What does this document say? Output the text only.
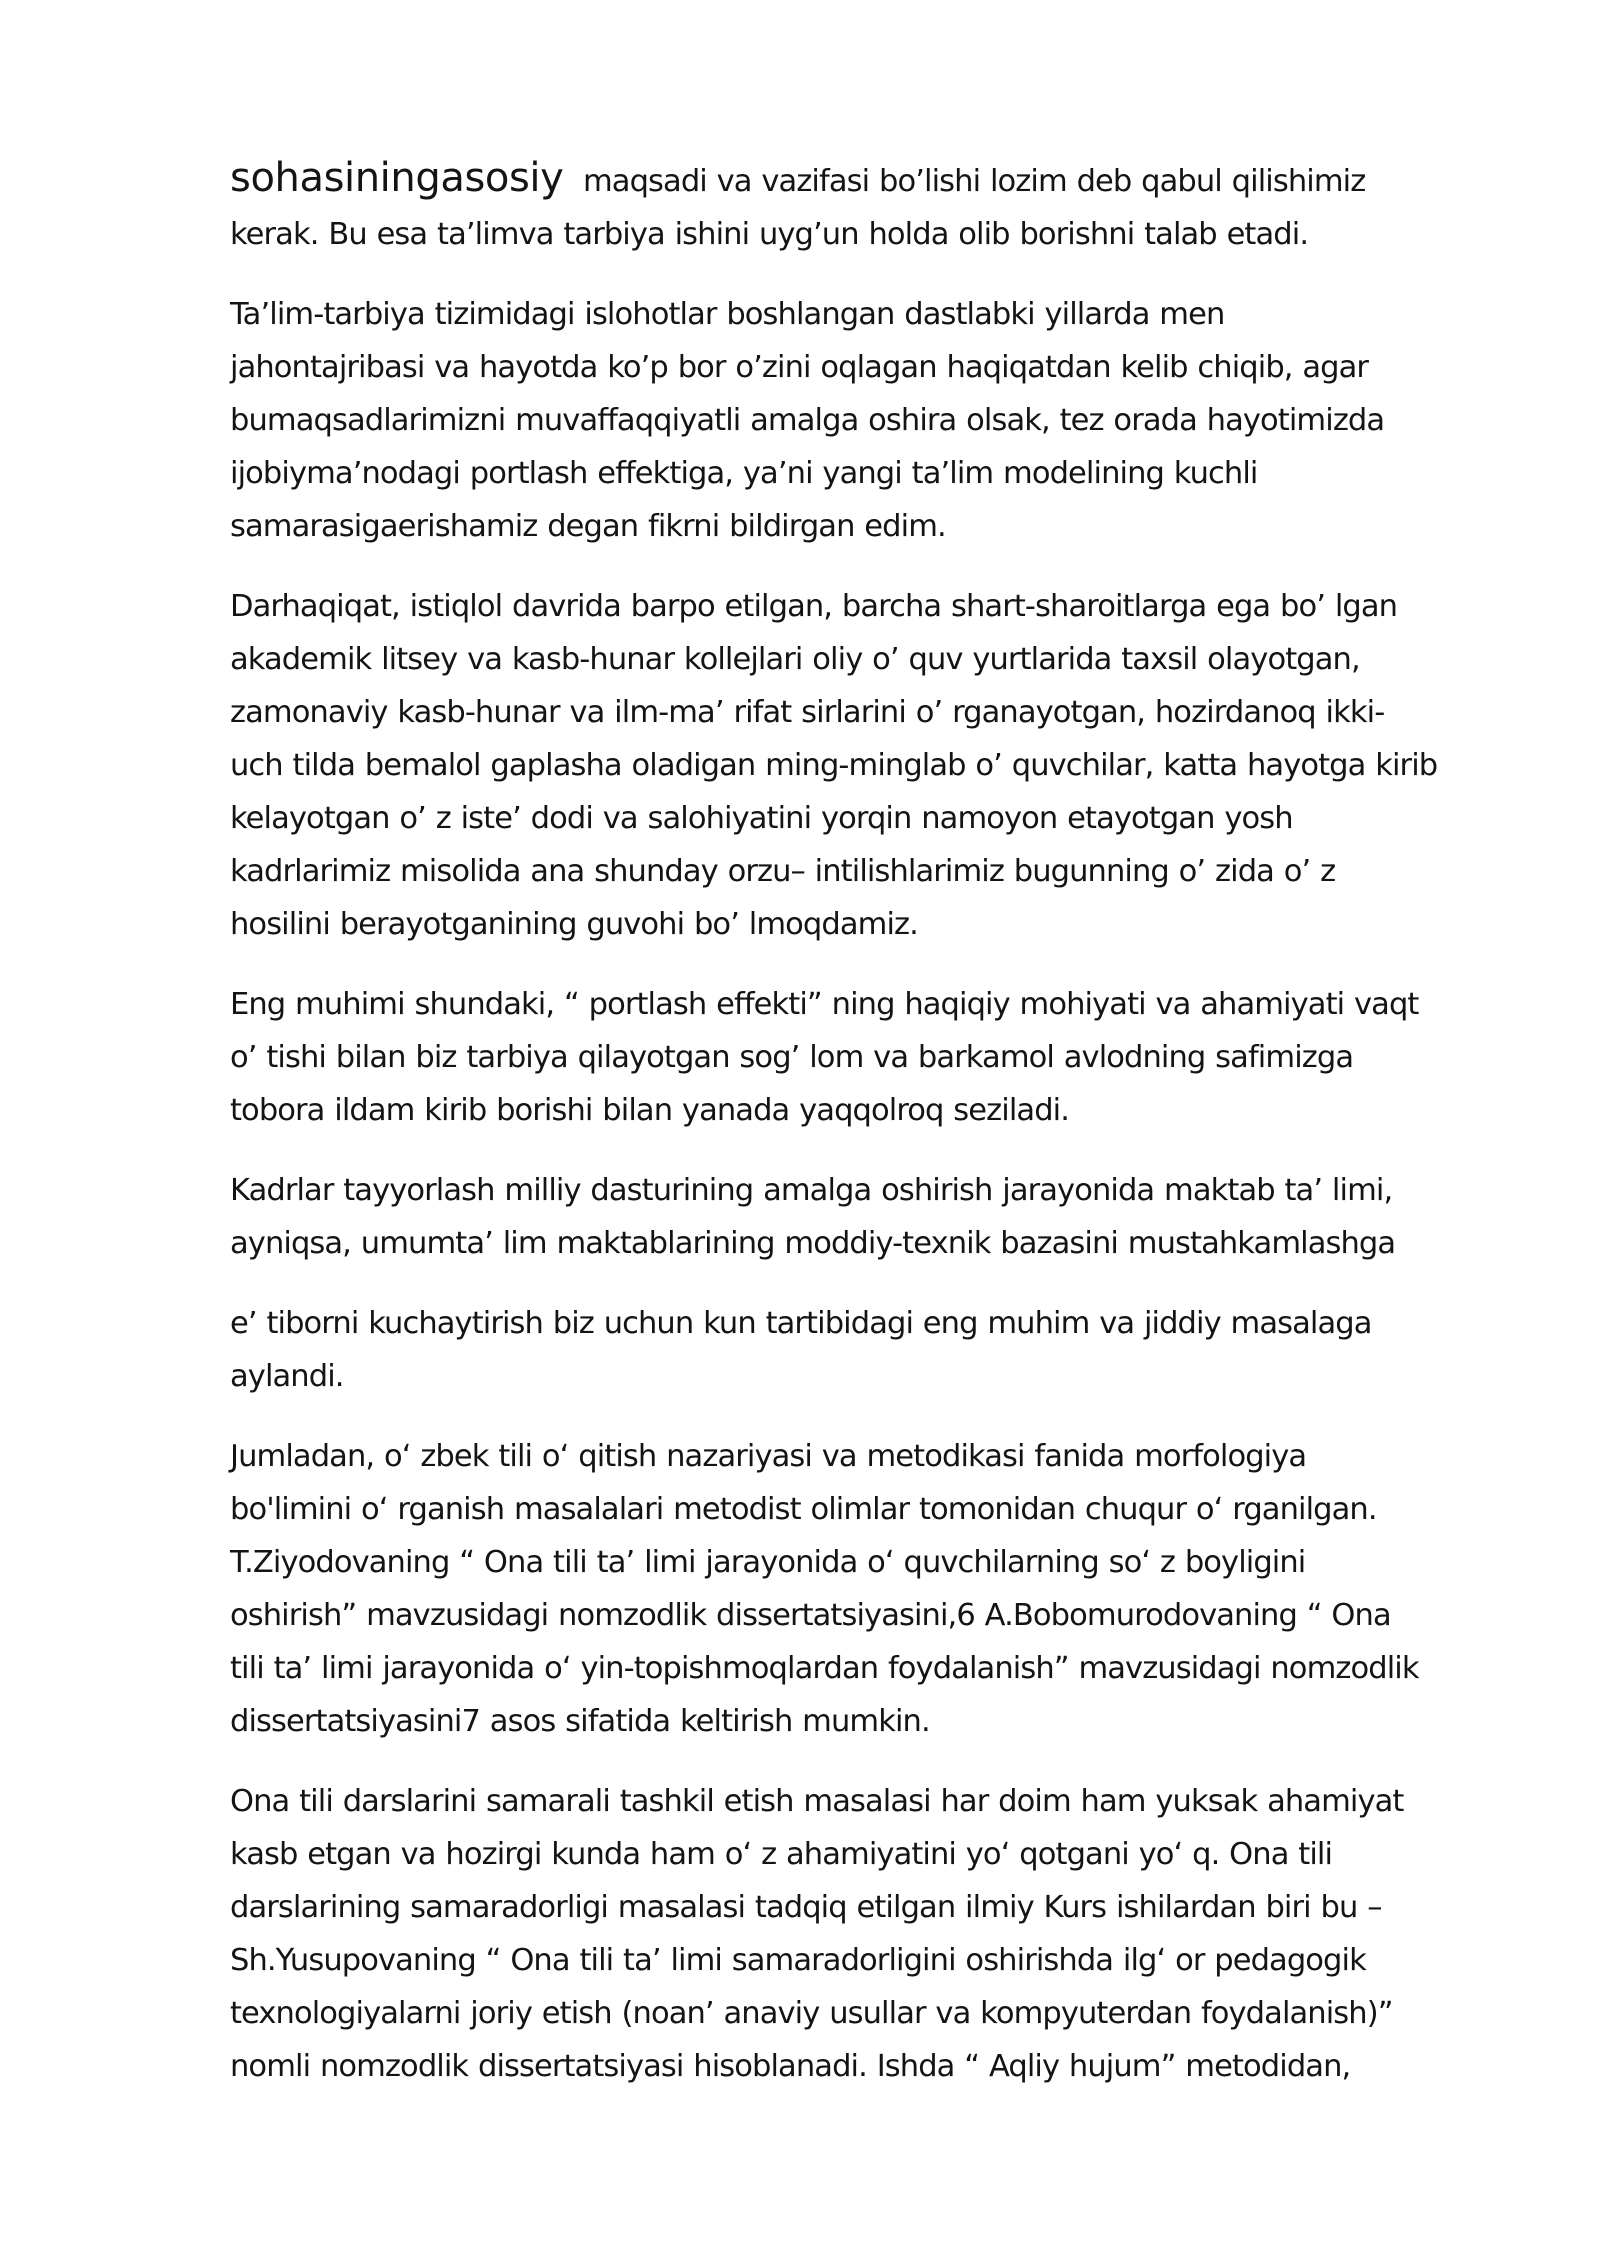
sohasiningasosiy  maqsadi va vazifasi bo’lishi lozim deb qabul qilishimiz
kerak. Bu esa ta’limva tarbiya ishini uyg’un holda olib borishni talab etadi.
Ta’lim-tarbiya tizimidagi islohotlar boshlangan dastlabki yillarda men
jahontajribasi va hayotda ko’p bor o’zini oqlagan haqiqatdan kelib chiqib, agar
bumaqsadlarimizni muvaffaqqiyatli amalga oshira olsak, tez orada hayotimizda
ijobiyma’nodagi portlash effektiga, ya’ni yangi ta’lim modelining kuchli
samarasigaerishamiz degan fikrni bildirgan edim.
Darhaqiqat, istiqlol davrida barpo etilgan, barcha shart-sharoitlarga ega bo’ lgan
akademik litsey va kasb-hunar kollejlari oliy o’ quv yurtlarida taxsil olayotgan,
zamonaviy kasb-hunar va ilm-ma’ rifat sirlarini o’ rganayotgan, hozirdanoq ikki-
uch tilda bemalol gaplasha oladigan ming-minglab o’ quvchilar, katta hayotga kirib
kelayotgan o’ z iste’ dodi va salohiyatini yorqin namoyon etayotgan yosh
kadrlarimiz misolida ana shunday orzu– intilishlarimiz bugunning o’ zida o’ z
hosilini berayotganining guvohi bo’ lmoqdamiz.
Eng muhimi shundaki, “ portlash effekti” ning haqiqiy mohiyati va ahamiyati vaqt
o’ tishi bilan biz tarbiya qilayotgan sog’ lom va barkamol avlodning safimizga
tobora ildam kirib borishi bilan yanada yaqqolroq seziladi.
Kadrlar tayyorlash milliy dasturining amalga oshirish jarayonida maktab ta’ limi,
ayniqsa, umumta’ lim maktablarining moddiy-texnik bazasini mustahkamlashga
e’ tiborni kuchaytirish biz uchun kun tartibidagi eng muhim va jiddiy masalaga
aylandi.
Jumladan, o‘ zbek tili o‘ qitish nazariyasi va metodikasi fanida morfologiya
bo'limini o‘ rganish masalalari metodist olimlar tomonidan chuqur o‘ rganilgan.
T.Ziyodovaning “ Ona tili ta’ limi jarayonida o‘ quvchilarning so‘ z boyligini
oshirish” mavzusidagi nomzodlik dissertatsiyasini,6 A.Bobomurodovaning “ Ona
tili ta’ limi jarayonida o‘ yin-topishmoqlardan foydalanish” mavzusidagi nomzodlik
dissertatsiyasini7 asos sifatida keltirish mumkin.
Ona tili darslarini samarali tashkil etish masalasi har doim ham yuksak ahamiyat
kasb etgan va hozirgi kunda ham o‘ z ahamiyatini yo‘ qotgani yo‘ q. Ona tili
darslarining samaradorligi masalasi tadqiq etilgan ilmiy Kurs ishilardan biri bu –
Sh.Yusupovaning “ Ona tili ta’ limi samaradorligini oshirishda ilg‘ or pedagogik
texnologiyalarni joriy etish (noan’ anaviy usullar va kompyuterdan foydalanish)”
nomli nomzodlik dissertatsiyasi hisoblanadi. Ishda “ Aqliy hujum” metodidan,
